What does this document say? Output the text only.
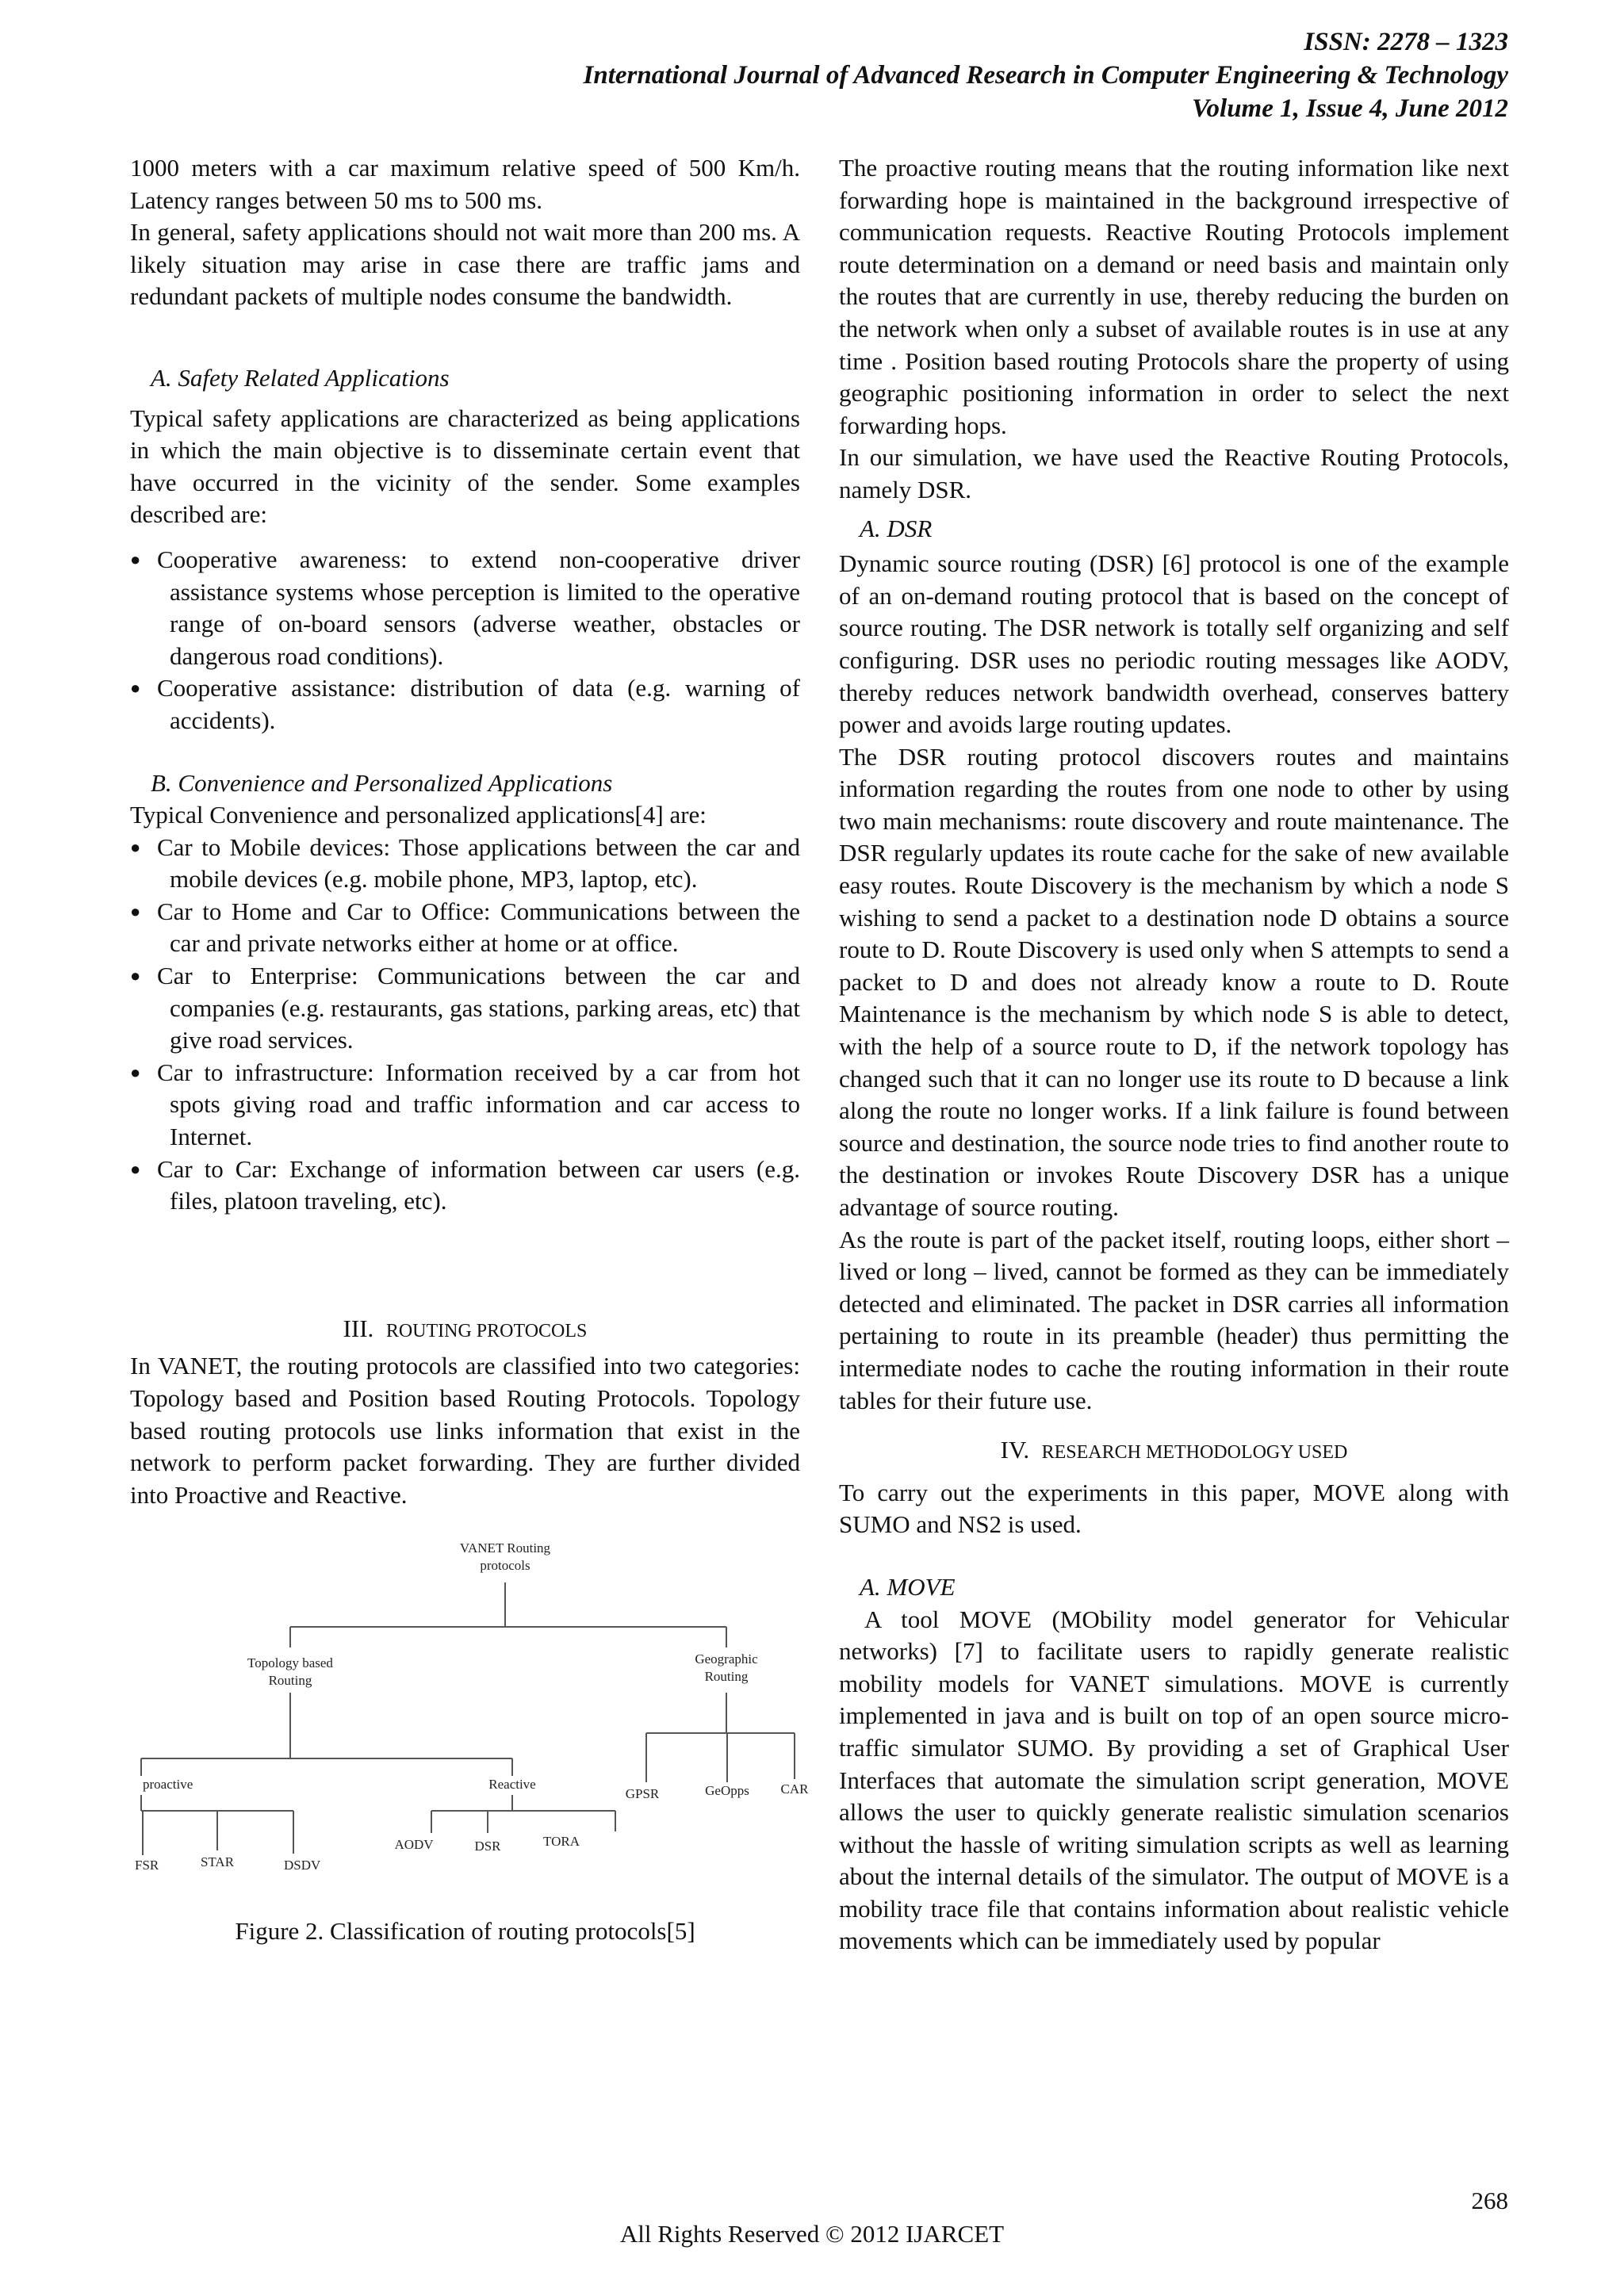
ISSN: 2278 – 1323
International Journal of Advanced Research in Computer Engineering & Technology
Volume 1, Issue 4, June 2012

1000 meters with a car maximum relative speed of 500 Km/h. Latency ranges between 50 ms to 500 ms.

In general, safety applications should not wait more than 200 ms. A likely situation may arise in case there are traffic jams and redundant packets of multiple nodes consume the bandwidth.

A. Safety Related Applications

Typical safety applications are characterized as being applications in which the main objective is to disseminate certain event that have occurred in the vicinity of the sender. Some examples described are:

● Cooperative awareness: to extend non-cooperative driver assistance systems whose perception is limited to the operative range of on-board sensors (adverse weather, obstacles or dangerous road conditions).
● Cooperative assistance: distribution of data (e.g. warning of accidents).

B. Convenience and Personalized Applications

Typical Convenience and personalized applications[4] are:

● Car to Mobile devices: Those applications between the car and mobile devices (e.g. mobile phone, MP3, laptop, etc).
● Car to Home and Car to Office: Communications between the car and private networks either at home or at office.
● Car to Enterprise: Communications between the car and companies (e.g. restaurants, gas stations, parking areas, etc) that give road services.
● Car to infrastructure: Information received by a car from hot spots giving road and traffic information and car access to Internet.
● Car to Car: Exchange of information between car users (e.g. files, platoon traveling, etc).

III. ROUTING PROTOCOLS

In VANET, the routing protocols are classified into two categories: Topology based and Position based Routing Protocols. Topology based routing protocols use links information that exist in the network to perform packet forwarding. They are further divided into Proactive and Reactive.

VANET Routing
protocols
Topology based
Routing
Geographic
Routing
proactive	Reactive
FSR	STAR	DSDV
AODV	DSR	TORA
GPSR	GeOpps CAR

Figure 2. Classification of routing protocols[5]

The proactive routing means that the routing information like next forwarding hope is maintained in the background irrespective of communication requests. Reactive Routing Protocols implement route determination on a demand or need basis and maintain only the routes that are currently in use, thereby reducing the burden on the network when only a subset of available routes is in use at any time . Position based routing Protocols share the property of using geographic positioning information in order to select the next forwarding hops.

In our simulation, we have used the Reactive Routing Protocols, namely DSR.

A. DSR

Dynamic source routing (DSR) [6] protocol is one of the example of an on-demand routing protocol that is based on the concept of source routing. The DSR network is totally self organizing and self configuring. DSR uses no periodic routing messages like AODV, thereby reduces network bandwidth overhead, conserves battery power and avoids large routing updates.

The DSR routing protocol discovers routes and maintains information regarding the routes from one node to other by using two main mechanisms: route discovery and route maintenance. The DSR regularly updates its route cache for the sake of new available easy routes. Route Discovery is the mechanism by which a node S wishing to send a packet to a destination node D obtains a source route to D. Route Discovery is used only when S attempts to send a packet to D and does not already know a route to D. Route Maintenance is the mechanism by which node S is able to detect, with the help of a source route to D, if the network topology has changed such that it can no longer use its route to D because a link along the route no longer works. If a link failure is found between source and destination, the source node tries to find another route to the destination or invokes Route Discovery DSR has a unique advantage of source routing.

As the route is part of the packet itself, routing loops, either short – lived or long – lived, cannot be formed as they can be immediately detected and eliminated. The packet in DSR carries all information pertaining to route in its preamble (header) thus permitting the intermediate nodes to cache the routing information in their route tables for their future use.

IV. RESEARCH METHODOLOGY USED

To carry out the experiments in this paper, MOVE along with SUMO and NS2 is used.

A. MOVE

A tool MOVE (MObility model generator for Vehicular networks) [7] to facilitate users to rapidly generate realistic mobility models for VANET simulations. MOVE is currently implemented in java and is built on top of an open source micro-traffic simulator SUMO. By providing a set of Graphical User Interfaces that automate the simulation script generation, MOVE allows the user to quickly generate realistic simulation scenarios without the hassle of writing simulation scripts as well as learning about the internal details of the simulator. The output of MOVE is a mobility trace file that contains information about realistic vehicle movements which can be immediately used by popular

268
All Rights Reserved © 2012 IJARCET
